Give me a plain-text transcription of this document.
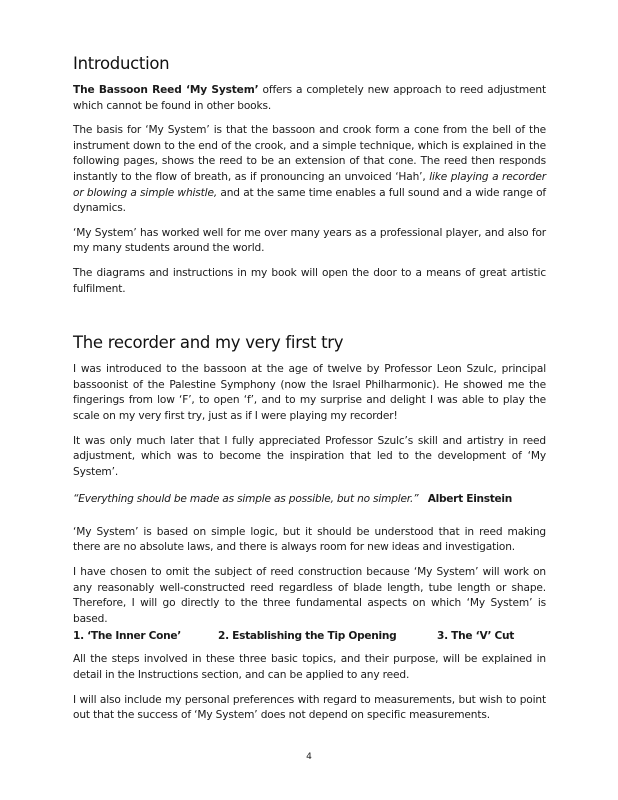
Introduction

The Bassoon Reed ‘My System’ offers a completely new approach to reed adjustment which cannot be found in other books.

The basis for ‘My System’ is that the bassoon and crook form a cone from the bell of the instrument down to the end of the crook, and a simple technique, which is explained in the following pages, shows the reed to be an extension of that cone. The reed then responds instantly to the flow of breath, as if pronouncing an unvoiced ‘Hah’, like playing a recorder or blowing a simple whistle, and at the same time enables a full sound and a wide range of dynamics.

‘My System’ has worked well for me over many years as a professional player, and also for my many students around the world.

The diagrams and instructions in my book will open the door to a means of great artistic fulfilment.

The recorder and my very first try

I was introduced to the bassoon at the age of twelve by Professor Leon Szulc, principal bassoonist of the Palestine Symphony (now the Israel Philharmonic). He showed me the fingerings from low ‘F’, to open ‘f’, and to my surprise and delight I was able to play the scale on my very first try, just as if I were playing my recorder!

It was only much later that I fully appreciated Professor Szulc’s skill and artistry in reed adjustment, which was to become the inspiration that led to the development of ‘My System’.

“Everything should be made as simple as possible, but no simpler.” Albert Einstein

‘My System’ is based on simple logic, but it should be understood that in reed making there are no absolute laws, and there is always room for new ideas and investigation.

I have chosen to omit the subject of reed construction because ‘My System’ will work on any reasonably well-constructed reed regardless of blade length, tube length or shape. Therefore, I will go directly to the three fundamental aspects on which ‘My System’ is based.

1. ‘The Inner Cone’	2. Establishing the Tip Opening	3. The ‘V’ Cut

All the steps involved in these three basic topics, and their purpose, will be explained in detail in the Instructions section, and can be applied to any reed.

I will also include my personal preferences with regard to measurements, but wish to point out that the success of ‘My System’ does not depend on specific measurements.

4
